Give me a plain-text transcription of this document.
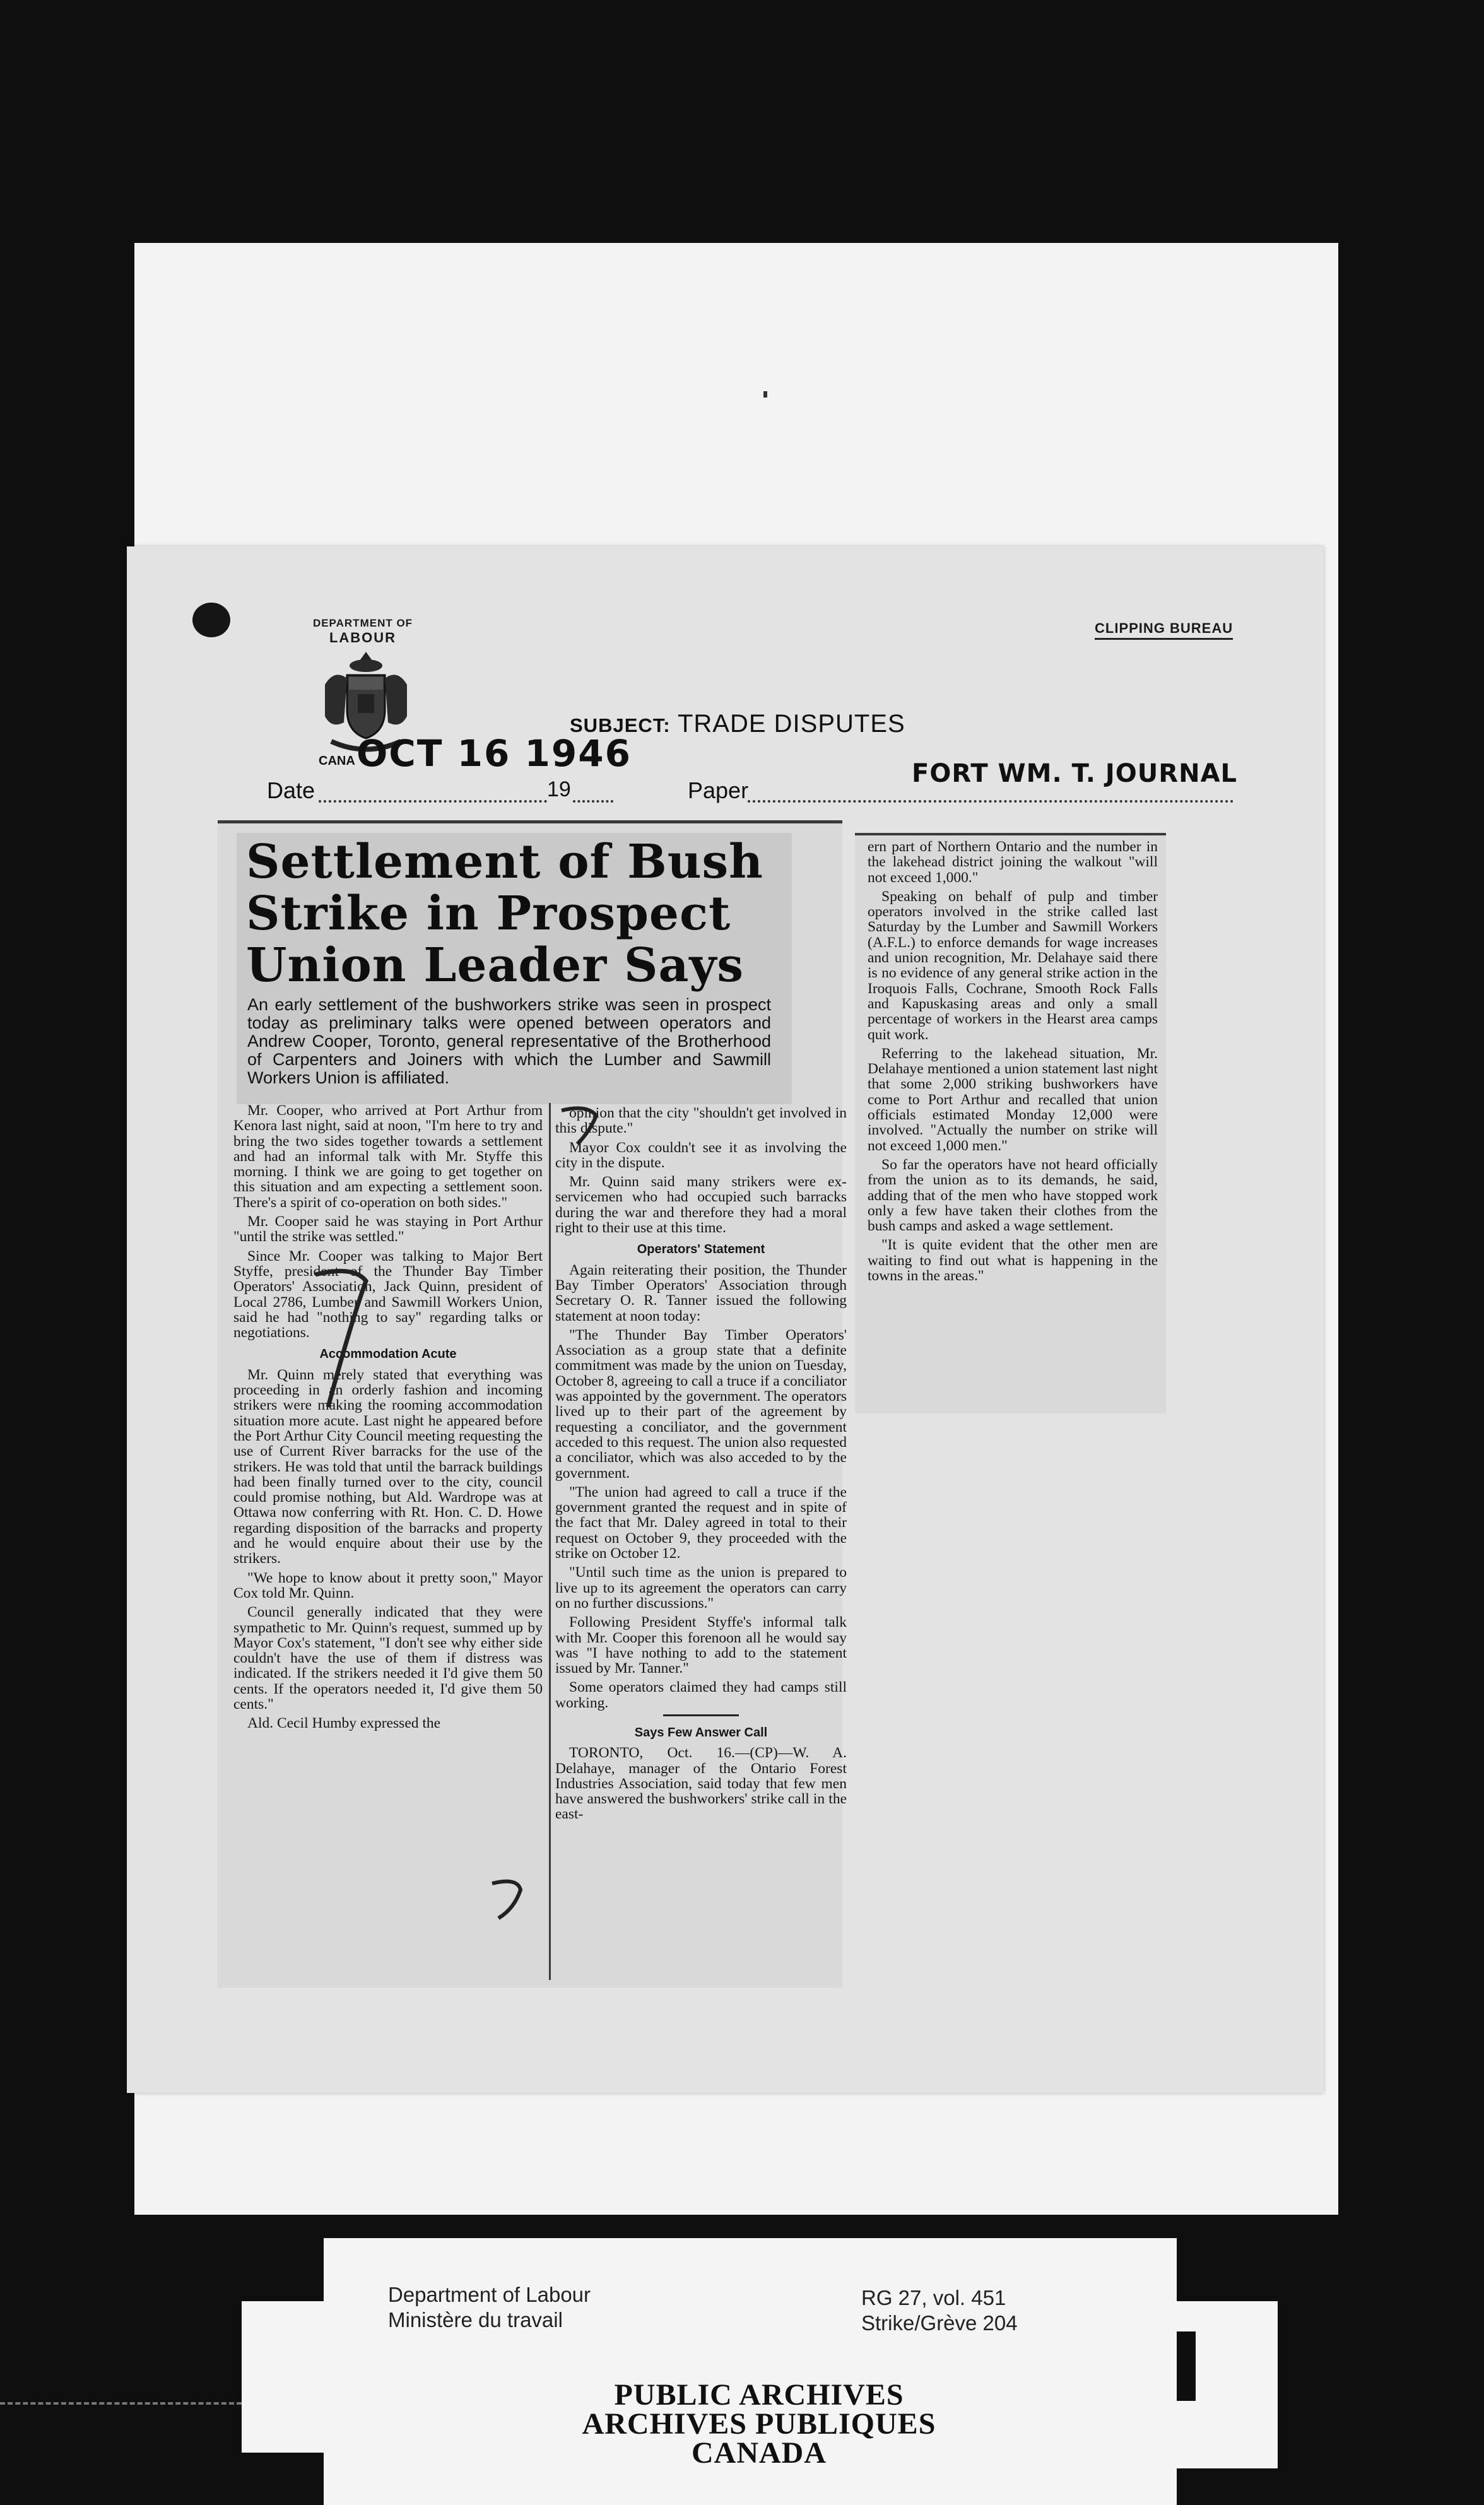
DEPARTMENT OF
LABOUR
CANA OCT 16 1946
CLIPPING BUREAU
SUBJECT: TRADE DISPUTES
Date	19	Paper
FORT WM. T. JOURNAL
Settlement of Bush
Strike in Prospect
Union Leader Says
An early settlement of the bushworkers strike was seen in prospect today as preliminary talks were opened between operators and Andrew Cooper, Toronto, general representative of the Brotherhood of Carpenters and Joiners with which the Lumber and Sawmill Workers Union is affiliated.

Mr. Cooper, who arrived at Port Arthur from Kenora last night, said at noon, "I'm here to try and bring the two sides together towards a settlement and had an informal talk with Mr. Styffe this morning. I think we are going to get together on this situation and am expecting a settlement soon. There's a spirit of co-operation on both sides."

Mr. Cooper said he was staying in Port Arthur "until the strike was settled."

Since Mr. Cooper was talking to Major Bert Styffe, president of the Thunder Bay Timber Operators' Association, Jack Quinn, president of Local 2786, Lumber and Sawmill Workers Union, said he had "nothing to say" regarding talks or negotiations.

Accommodation Acute

Mr. Quinn merely stated that everything was proceeding in an orderly fashion and incoming strikers were making the rooming accommodation situation more acute. Last night he appeared before the Port Arthur City Council meeting requesting the use of Current River barracks for the use of the strikers. He was told that until the barrack buildings had been finally turned over to the city, council could promise nothing, but Ald. Wardrope was at Ottawa now conferring with Rt. Hon. C. D. Howe regarding disposition of the barracks and property and he would enquire about their use by the strikers.

"We hope to know about it pretty soon," Mayor Cox told Mr. Quinn.

Council generally indicated that they were sympathetic to Mr. Quinn's request, summed up by Mayor Cox's statement, "I don't see why either side couldn't have the use of them if distress was indicated. If the strikers needed it I'd give them 50 cents. If the operators needed it, I'd give them 50 cents."

Ald. Cecil Humby expressed the

opinion that the city "shouldn't get involved in this dispute."

Mayor Cox couldn't see it as involving the city in the dispute.

Mr. Quinn said many strikers were ex-servicemen who had occupied such barracks during the war and therefore they had a moral right to their use at this time.

Operators' Statement

Again reiterating their position, the Thunder Bay Timber Operators' Association through Secretary O. R. Tanner issued the following statement at noon today:

"The Thunder Bay Timber Operators' Association as a group state that a definite commitment was made by the union on Tuesday, October 8, agreeing to call a truce if a conciliator was appointed by the government. The operators lived up to their part of the agreement by requesting a conciliator, and the government acceded to this request. The union also requested a conciliator, which was also acceded to by the government.

"The union had agreed to call a truce if the government granted the request and in spite of the fact that Mr. Daley agreed in total to their request on October 9, they proceeded with the strike on October 12.

"Until such time as the union is prepared to live up to its agreement the operators can carry on no further discussions."

Following President Styffe's informal talk with Mr. Cooper this forenoon all he would say was "I have nothing to add to the statement issued by Mr. Tanner."

Some operators claimed they had camps still working.

Says Few Answer Call

TORONTO, Oct. 16.—(CP)—W. A. Delahaye, manager of the Ontario Forest Industries Association, said today that few men have answered the bushworkers' strike call in the east-

ern part of Northern Ontario and the number in the lakehead district joining the walkout "will not exceed 1,000."

Speaking on behalf of pulp and timber operators involved in the strike called last Saturday by the Lumber and Sawmill Workers (A.F.L.) to enforce demands for wage increases and union recognition, Mr. Delahaye said there is no evidence of any general strike action in the Iroquois Falls, Cochrane, Smooth Rock Falls and Kapuskasing areas and only a small percentage of workers in the Hearst area camps quit work.

Referring to the lakehead situation, Mr. Delahaye mentioned a union statement last night that some 2,000 striking bushworkers have come to Port Arthur and recalled that union officials estimated Monday 12,000 were involved. "Actually the number on strike will not exceed 1,000 men."

So far the operators have not heard officially from the union as to its demands, he said, adding that of the men who have stopped work only a few have taken their clothes from the bush camps and asked a wage settlement.

"It is quite evident that the other men are waiting to find out what is happening in the towns in the areas."

Department of Labour
Ministère du travail
RG 27, vol. 451
Strike/Grève 204
PUBLIC ARCHIVES
ARCHIVES PUBLIQUES
CANADA
